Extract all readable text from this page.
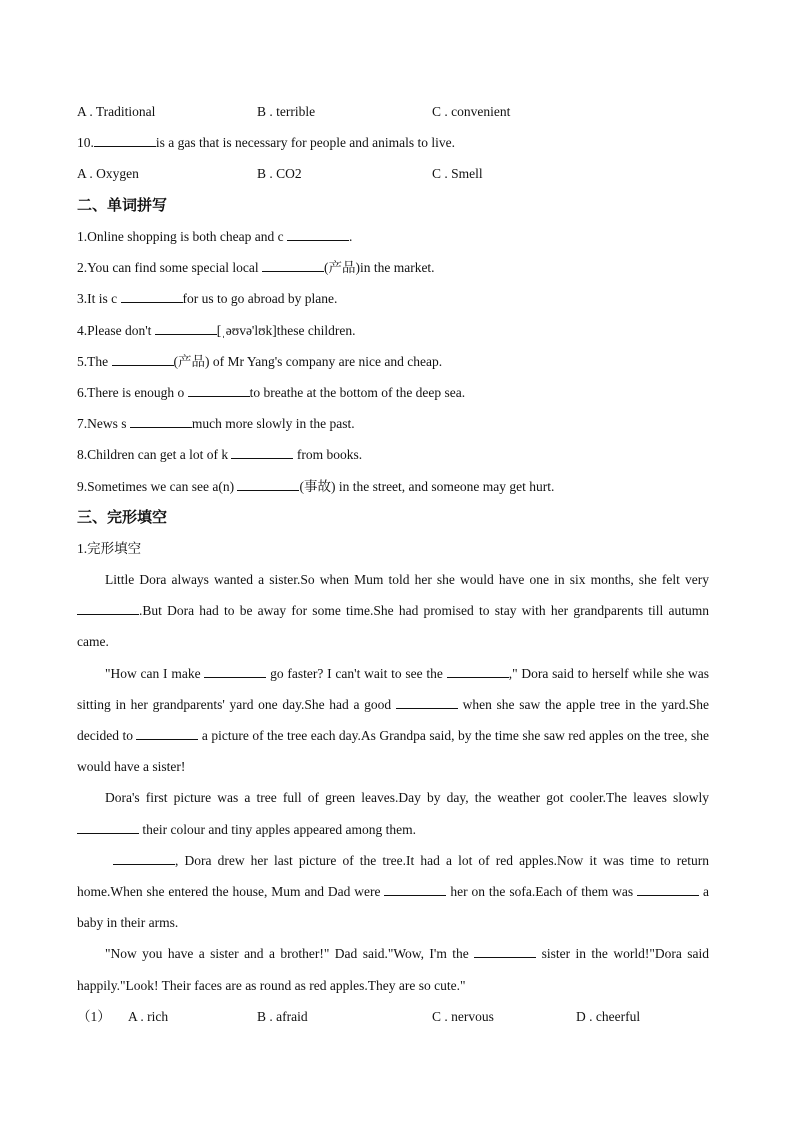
A . Traditional	B . terrible	C . convenient
10.	is a gas that is necessary for people and animals to live.
A . Oxygen	B . CO2	C . Smell
二、单词拼写
1.Online shopping is both cheap and c	.
2.You can find some special local	(产品)in the market.
3.It is c	for us to go abroad by plane.
4.Please don't	[ˌəʊvə'lʊk]these children.
5.The	(产品) of Mr Yang's company are nice and cheap.
6.There is enough o	to breathe at the bottom of the deep sea.
7.News s	much more slowly in the past.
8.Children can get a lot of k	from books.
9.Sometimes we can see a(n)	(事故) in the street, and someone may get hurt.
三、完形填空
1.完形填空

Little Dora always wanted a sister.So when Mum told her she would have one in six months, she felt very .But Dora had to be away for some time.She had promised to stay with her grandparents till autumn came.

"How can I make	go faster? I can't wait to see the	," Dora said to herself while she was sitting in her grandparents' yard one day.She had a good	when she saw the apple tree in the yard.She decided to	a picture of the tree each day.As Grandpa said, by the time she saw red apples on the tree, she would have a sister!

Dora's first picture was a tree full of green leaves.Day by day, the weather got cooler.The leaves slowly  their colour and tiny apples appeared among them.

, Dora drew her last picture of the tree.It had a lot of red apples.Now it was time to return home.When she entered the house, Mum and Dad were	her on the sofa.Each of them was	a baby in their arms.

"Now you have a sister and a brother!" Dad said."Wow, I'm the	sister in the world!"Dora said happily."Look! Their faces are as round as red apples.They are so cute."

（1） A . rich	B . afraid	C . nervous	D . cheerful
